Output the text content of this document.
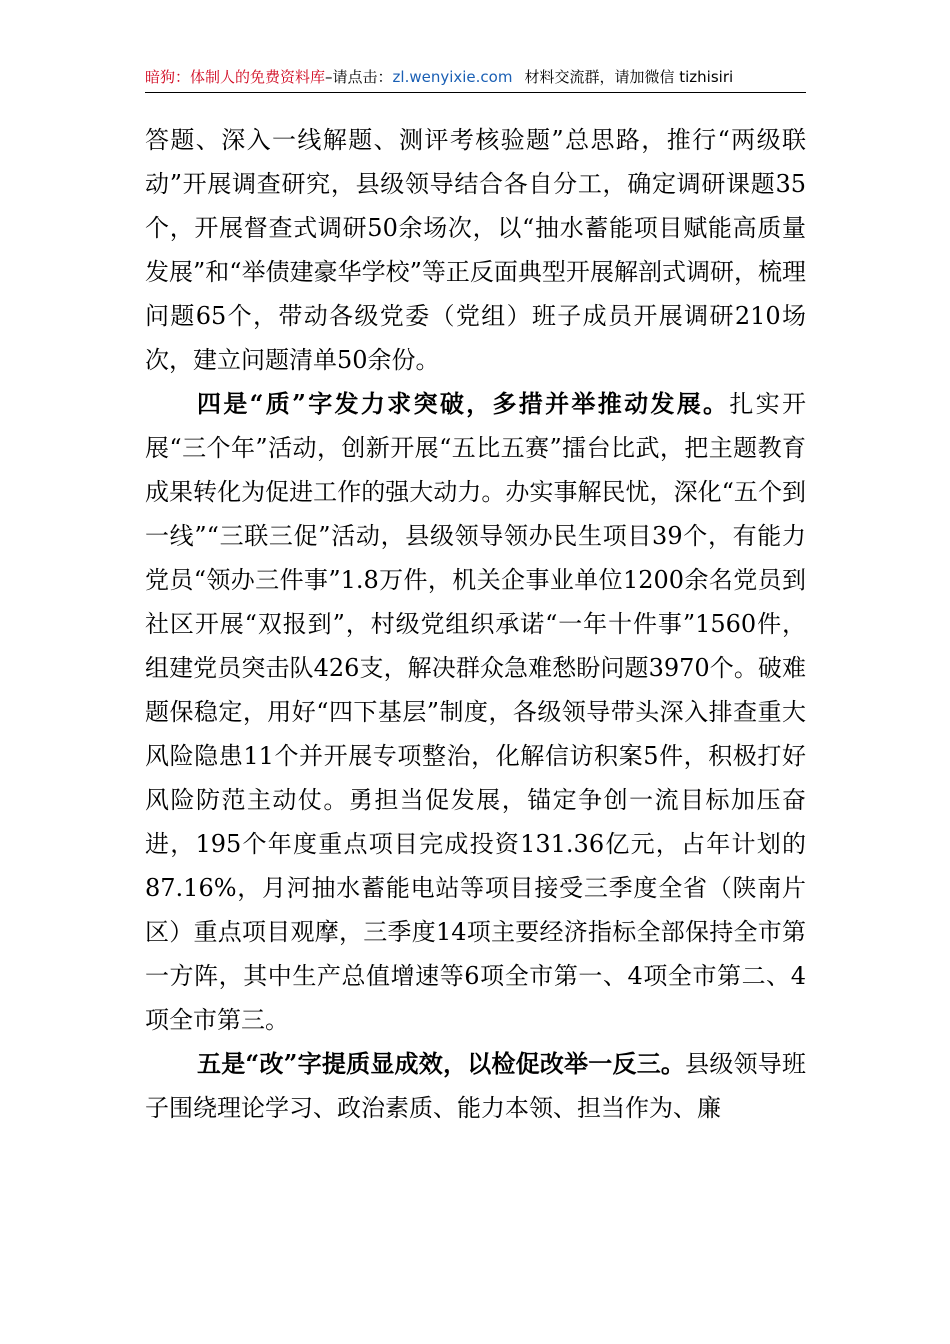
暗狗：体制人的免费资料库–请点击：zl.wenyixie.com 材料交流群，请加微信 tizhisiri

答题、深入一线解题、测评考核验题”总思路，推行“两级联动”开展调查研究，县级领导结合各自分工，确定调研课题35个，开展督查式调研50余场次，以“抽水蓄能项目赋能高质量发展”和“举债建豪华学校”等正反面典型开展解剖式调研，梳理问题65个，带动各级党委（党组）班子成员开展调研210场次，建立问题清单50余份。

四是“质”字发力求突破，多措并举推动发展。扎实开展“三个年”活动，创新开展“五比五赛”擂台比武，把主题教育成果转化为促进工作的强大动力。办实事解民忧，深化“五个到一线”“三联三促”活动，县级领导领办民生项目39个，有能力党员“领办三件事”1.8万件，机关企事业单位1200余名党员到社区开展“双报到”，村级党组织承诺“一年十件事”1560件，组建党员突击队426支，解决群众急难愁盼问题3970个。破难题保稳定，用好“四下基层”制度，各级领导带头深入排查重大风险隐患11个并开展专项整治，化解信访积案5件，积极打好风险防范主动仗。勇担当促发展，锚定争创一流目标加压奋进，195个年度重点项目完成投资131.36亿元，占年计划的87.16%，月河抽水蓄能电站等项目接受三季度全省（陕南片区）重点项目观摩，三季度14项主要经济指标全部保持全市第一方阵，其中生产总值增速等6项全市第一、4项全市第二、4项全市第三。

五是“改”字提质显成效，以检促改举一反三。县级领导班子围绕理论学习、政治素质、能力本领、担当作为、廉
